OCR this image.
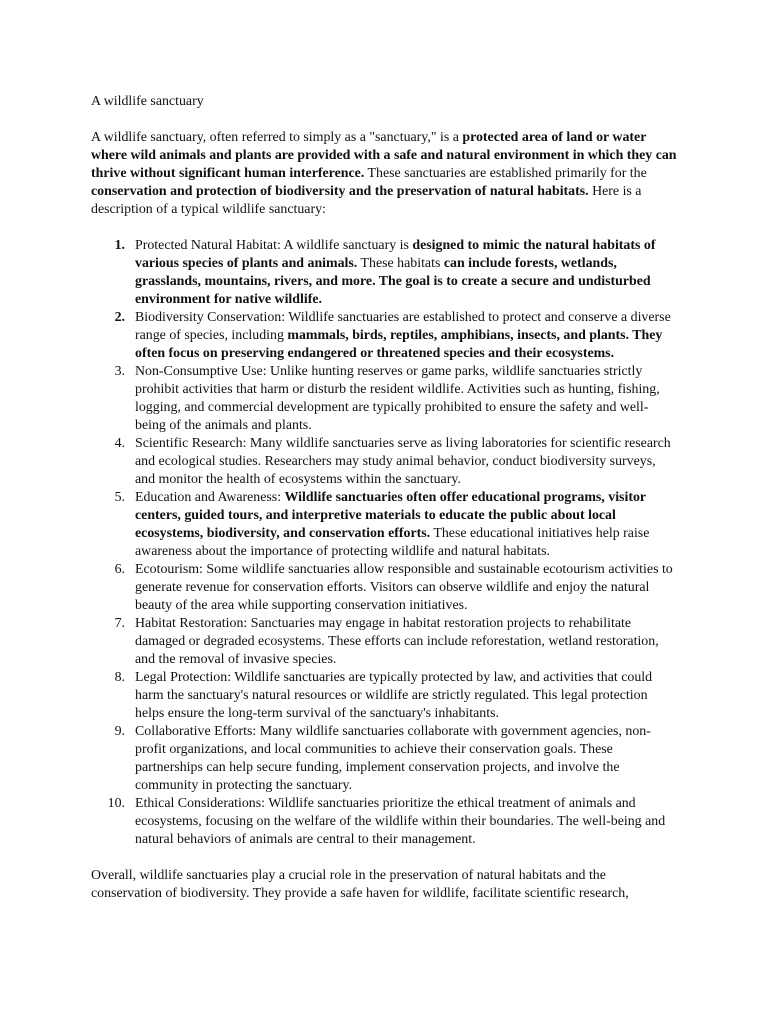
A wildlife sanctuary

A wildlife sanctuary, often referred to simply as a "sanctuary," is a protected area of land or water where wild animals and plants are provided with a safe and natural environment in which they can thrive without significant human interference. These sanctuaries are established primarily for the conservation and protection of biodiversity and the preservation of natural habitats. Here is a description of a typical wildlife sanctuary:

1. Protected Natural Habitat: A wildlife sanctuary is designed to mimic the natural habitats of various species of plants and animals. These habitats can include forests, wetlands, grasslands, mountains, rivers, and more. The goal is to create a secure and undisturbed environment for native wildlife.
2. Biodiversity Conservation: Wildlife sanctuaries are established to protect and conserve a diverse range of species, including mammals, birds, reptiles, amphibians, insects, and plants. They often focus on preserving endangered or threatened species and their ecosystems.
3. Non-Consumptive Use: Unlike hunting reserves or game parks, wildlife sanctuaries strictly prohibit activities that harm or disturb the resident wildlife. Activities such as hunting, fishing, logging, and commercial development are typically prohibited to ensure the safety and well-being of the animals and plants.
4. Scientific Research: Many wildlife sanctuaries serve as living laboratories for scientific research and ecological studies. Researchers may study animal behavior, conduct biodiversity surveys, and monitor the health of ecosystems within the sanctuary.
5. Education and Awareness: Wildlife sanctuaries often offer educational programs, visitor centers, guided tours, and interpretive materials to educate the public about local ecosystems, biodiversity, and conservation efforts. These educational initiatives help raise awareness about the importance of protecting wildlife and natural habitats.
6. Ecotourism: Some wildlife sanctuaries allow responsible and sustainable ecotourism activities to generate revenue for conservation efforts. Visitors can observe wildlife and enjoy the natural beauty of the area while supporting conservation initiatives.
7. Habitat Restoration: Sanctuaries may engage in habitat restoration projects to rehabilitate damaged or degraded ecosystems. These efforts can include reforestation, wetland restoration, and the removal of invasive species.
8. Legal Protection: Wildlife sanctuaries are typically protected by law, and activities that could harm the sanctuary's natural resources or wildlife are strictly regulated. This legal protection helps ensure the long-term survival of the sanctuary's inhabitants.
9. Collaborative Efforts: Many wildlife sanctuaries collaborate with government agencies, non-profit organizations, and local communities to achieve their conservation goals. These partnerships can help secure funding, implement conservation projects, and involve the community in protecting the sanctuary.
10. Ethical Considerations: Wildlife sanctuaries prioritize the ethical treatment of animals and ecosystems, focusing on the welfare of the wildlife within their boundaries. The well-being and natural behaviors of animals are central to their management.

Overall, wildlife sanctuaries play a crucial role in the preservation of natural habitats and the conservation of biodiversity. They provide a safe haven for wildlife, facilitate scientific research,
